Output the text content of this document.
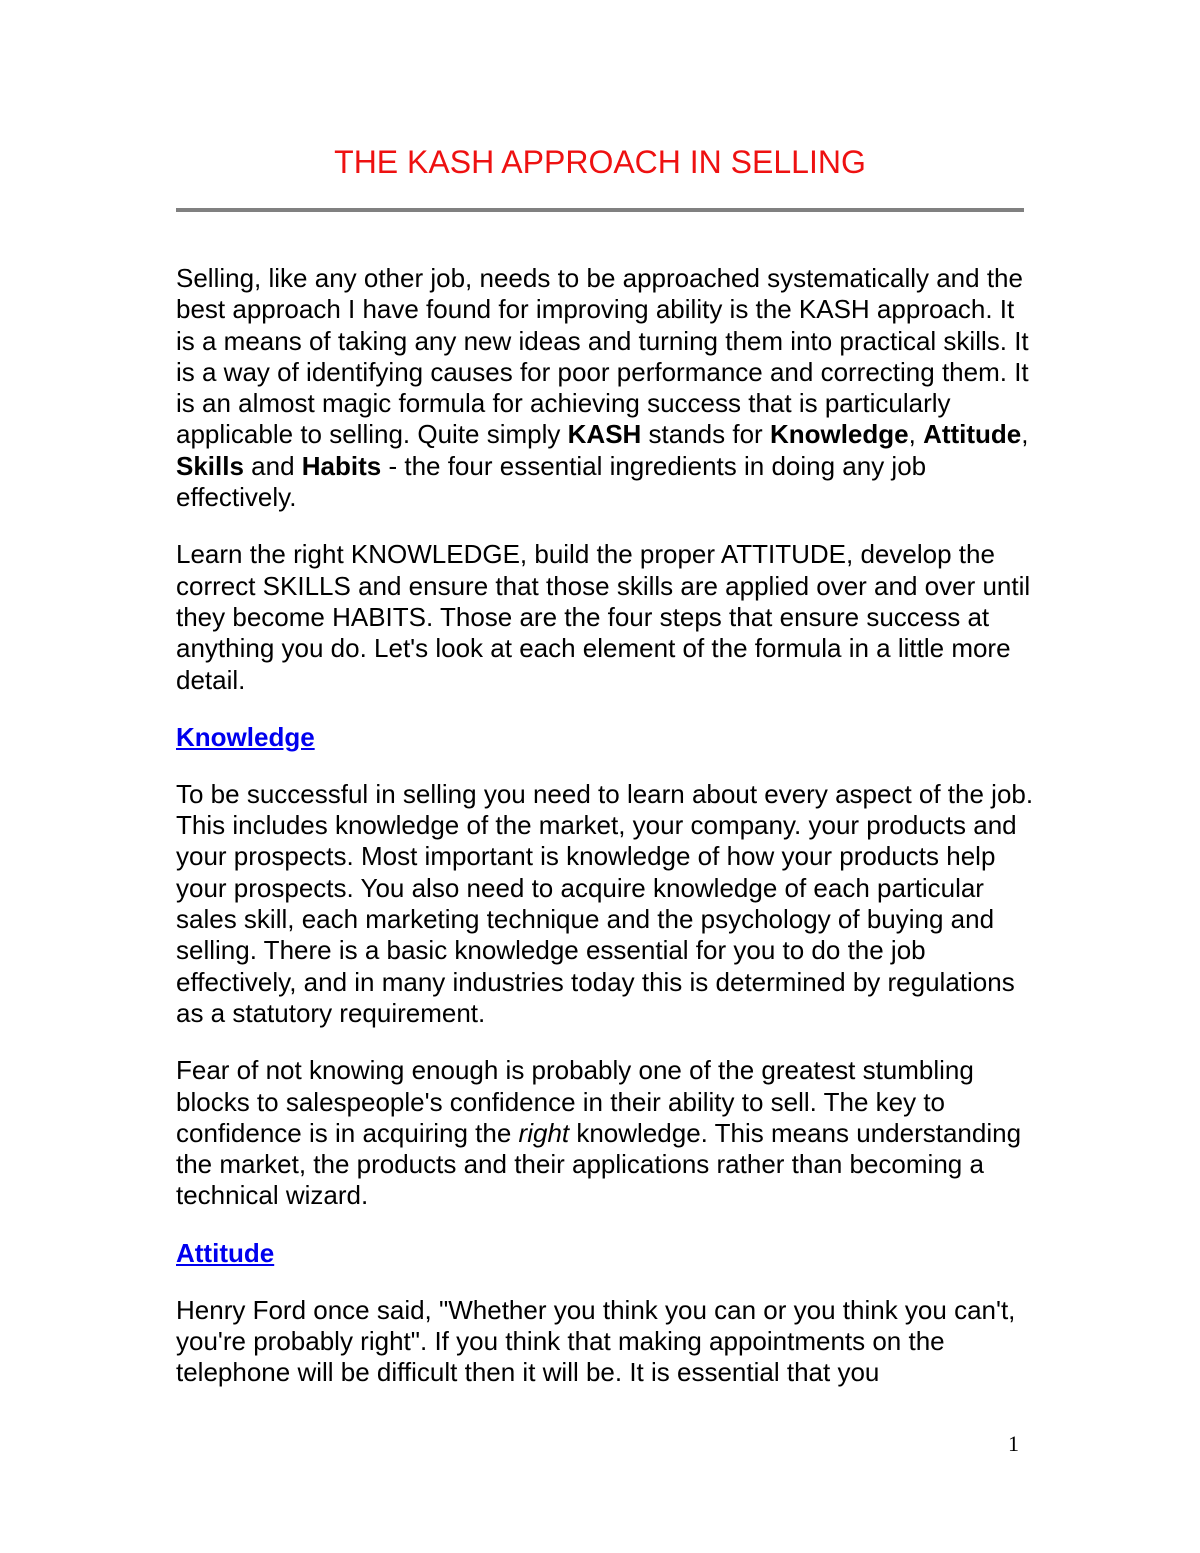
THE KASH APPROACH IN SELLING

Selling, like any other job, needs to be approached systematically and the best approach I have found for improving ability is the KASH approach. It is a means of taking any new ideas and turning them into practical skills. It is a way of identifying causes for poor performance and correcting them. It is an almost magic formula for achieving success that is particularly applicable to selling. Quite simply KASH stands for Knowledge, Attitude, Skills and Habits - the four essential ingredients in doing any job effectively.

Learn the right KNOWLEDGE, build the proper ATTITUDE, develop the correct SKILLS and ensure that those skills are applied over and over until they become HABITS. Those are the four steps that ensure success at anything you do. Let's look at each element of the formula in a little more detail.

Knowledge

To be successful in selling you need to learn about every aspect of the job. This includes knowledge of the market, your company. your products and your prospects. Most important is knowledge of how your products help your prospects. You also need to acquire knowledge of each particular sales skill, each marketing technique and the psychology of buying and selling. There is a basic knowledge essential for you to do the job effectively, and in many industries today this is determined by regulations as a statutory requirement.

Fear of not knowing enough is probably one of the greatest stumbling blocks to salespeople's confidence in their ability to sell. The key to confidence is in acquiring the right knowledge. This means understanding the market, the products and their applications rather than becoming a technical wizard.

Attitude

Henry Ford once said, "Whether you think you can or you think you can't, you're probably right". If you think that making appointments on the telephone will be difficult then it will be. It is essential that you

1
